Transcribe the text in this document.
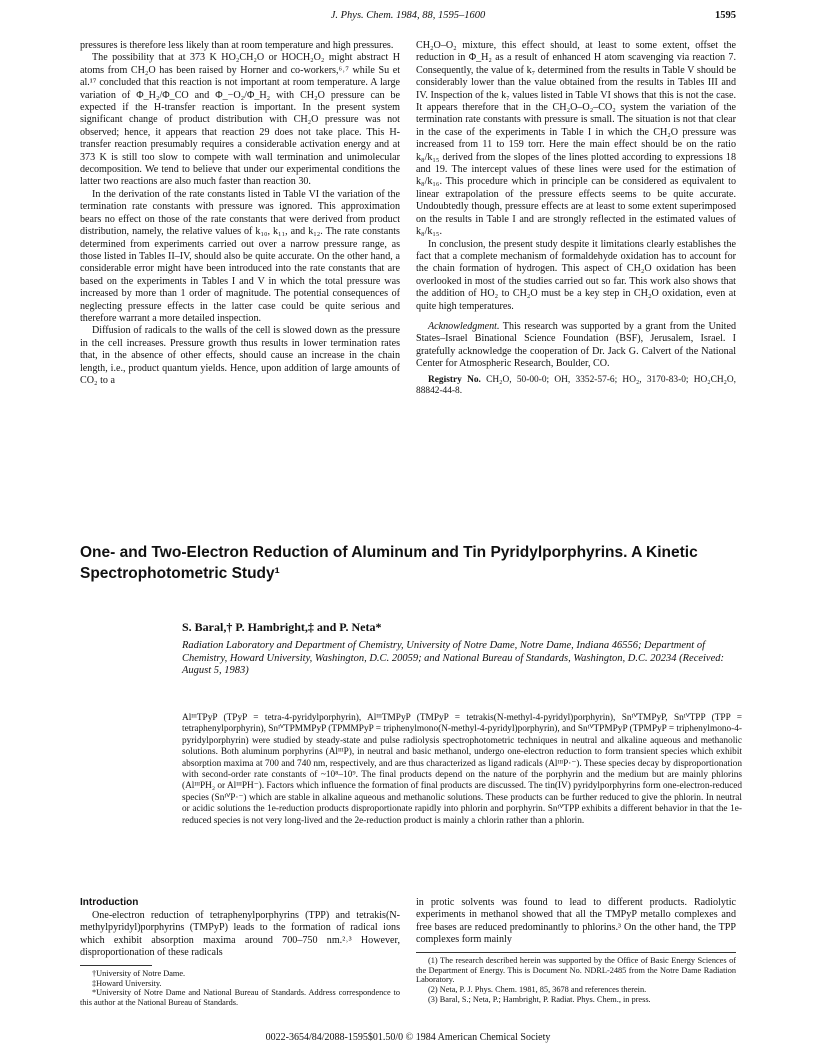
J. Phys. Chem. 1984, 88, 1595–1600	1595

pressures is therefore less likely than at room temperature and high pressures.

The possibility that at 373 K HO₂CH₂O or HOCH₂O₂ might abstract H atoms from CH₂O has been raised by Horner and co-workers,⁶˒⁷ while Su et al.¹⁷ concluded that this reaction is not important at room temperature. A large variation of Φ_H₂/Φ_CO and Φ_−O₂/Φ_H₂ with CH₂O pressure can be expected if the H-transfer reaction is important. In the present system significant change of product distribution with CH₂O pressure was not observed; hence, it appears that reaction 29 does not take place. This H-transfer reaction presumably requires a considerable activation energy and at 373 K is still too slow to compete with wall termination and unimolecular decomposition. We tend to believe that under our experimental conditions the latter two reactions are also much faster than reaction 30.

In the derivation of the rate constants listed in Table VI the variation of the termination rate constants with pressure was ignored. This approximation bears no effect on those of the rate constants that were derived from product distribution, namely, the relative values of k₁₀, k₁₁, and k₁₂. The rate constants determined from experiments carried out over a narrow pressure range, as those listed in Tables II–IV, should also be quite accurate. On the other hand, a considerable error might have been introduced into the rate constants that are based on the experiments in Tables I and V in which the total pressure was increased by more than 1 order of magnitude. The potential consequences of neglecting pressure effects in the latter case could be quite serious and therefore warrant a more detailed inspection.

Diffusion of radicals to the walls of the cell is slowed down as the pressure in the cell increases. Pressure growth thus results in lower termination rates that, in the absence of other effects, should cause an increase in the chain length, i.e., product quantum yields. Hence, upon addition of large amounts of CO₂ to a

CH₂O–O₂ mixture, this effect should, at least to some extent, offset the reduction in Φ_H₂ as a result of enhanced H atom scavenging via reaction 7. Consequently, the value of k₇ determined from the results in Table V should be considerably lower than the value obtained from the results in Tables III and IV. Inspection of the k₇ values listed in Table VI shows that this is not the case. It appears therefore that in the CH₂O–O₂–CO₂ system the variation of the termination rate constants with pressure is small. The situation is not that clear in the case of the experiments in Table I in which the CH₂O pressure was increased from 11 to 159 torr. Here the main effect should be on the ratio k₈/k₁₅ derived from the slopes of the lines plotted according to expressions 18 and 19. The intercept values of these lines were used for the estimation of k₈/k₁₆. This procedure which in principle can be considered as equivalent to linear extrapolation of the pressure effects seems to be quite accurate. Undoubtedly though, pressure effects are at least to some extent superimposed on the results in Table I and are strongly reflected in the estimated values of k₈/k₁₅.

In conclusion, the present study despite it limitations clearly establishes the fact that a complete mechanism of formaldehyde oxidation has to account for the chain formation of hydrogen. This aspect of CH₂O oxidation has been overlooked in most of the studies carried out so far. This work also shows that the addition of HO₂ to CH₂O must be a key step in CH₂O oxidation, even at quite high temperatures.

Acknowledgment. This research was supported by a grant from the United States–Israel Binational Science Foundation (BSF), Jerusalem, Israel. I gratefully acknowledge the cooperation of Dr. Jack G. Calvert of the National Center for Atmospheric Research, Boulder, CO.

Registry No. CH₂O, 50-00-0; OH, 3352-57-6; HO₂, 3170-83-0; HO₂CH₂O, 88842-44-8.

One- and Two-Electron Reduction of Aluminum and Tin Pyridylporphyrins. A Kinetic Spectrophotometric Study¹
S. Baral,† P. Hambright,‡ and P. Neta*
Radiation Laboratory and Department of Chemistry, University of Notre Dame, Notre Dame, Indiana 46556; Department of Chemistry, Howard University, Washington, D.C. 20059; and National Bureau of Standards, Washington, D.C. 20234 (Received: August 5, 1983)

AlᴵᴵᴵTPyP (TPyP = tetra-4-pyridylporphyrin), AlᴵᴵᴵTMPyP (TMPyP = tetrakis(N-methyl-4-pyridyl)porphyrin), SnᴵⱽTMPyP, SnᴵⱽTPP (TPP = tetraphenylporphyrin), SnᴵⱽTPMMPyP (TPMMPyP = triphenylmono(N-methyl-4-pyridyl)porphyrin), and SnᴵⱽTPMPyP (TPMPyP = triphenylmono-4-pyridylporphyrin) were studied by steady-state and pulse radiolysis spectrophotometric techniques in neutral and alkaline aqueous and methanolic solutions. Both aluminum porphyrins (AlᴵᴵᴵP), in neutral and basic methanol, undergo one-electron reduction to form transient species which exhibit absorption maxima at 700 and 740 nm, respectively, and are thus characterized as ligand radicals (AlᴵᴵᴵP·⁻). These species decay by disproportionation with second-order rate constants of ~10⁸–10⁹. The final products depend on the nature of the porphyrin and the medium but are mainly phlorins (AlᴵᴵᴵPH₂ or AlᴵᴵᴵPH⁻). Factors which influence the formation of final products are discussed. The tin(IV) pyridylporphyrins form one-electron-reduced species (SnᴵⱽP·⁻) which are stable in alkaline aqueous and methanolic solutions. These products can be further reduced to give the phlorin. In neutral or acidic solutions the 1e-reduction products disproportionate rapidly into phlorin and porphyrin. SnᴵⱽTPP exhibits a different behavior in that the 1e-reduced species is not very long-lived and the 2e-reduction product is mainly a chlorin rather than a phlorin.

Introduction

One-electron reduction of tetraphenylporphyrins (TPP) and tetrakis(N-methylpyridyl)porphyrins (TMPyP) leads to the formation of radical ions which exhibit absorption maxima around 700–750 nm.²˒³ However, disproportionation of these radicals

†University of Notre Dame.

‡Howard University.

*University of Notre Dame and National Bureau of Standards. Address correspondence to this author at the National Bureau of Standards.

in protic solvents was found to lead to different products. Radiolytic experiments in methanol showed that all the TMPyP metallo complexes and free bases are reduced predominantly to phlorins.³ On the other hand, the TPP complexes form mainly

(1) The research described herein was supported by the Office of Basic Energy Sciences of the Department of Energy. This is Document No. NDRL-2485 from the Notre Dame Radiation Laboratory.

(2) Neta, P. J. Phys. Chem. 1981, 85, 3678 and references therein.

(3) Baral, S.; Neta, P.; Hambright, P. Radiat. Phys. Chem., in press.

0022-3654/84/2088-1595$01.50/0 © 1984 American Chemical Society
